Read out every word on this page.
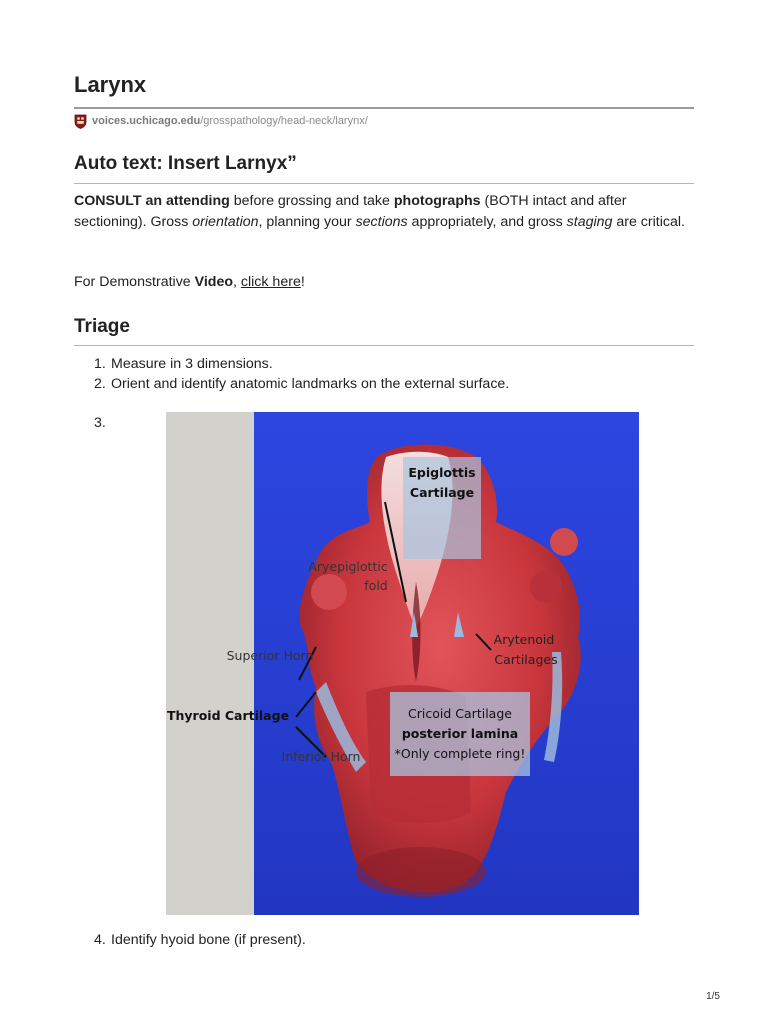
Larynx
voices.uchicago.edu /grosspathology/head-neck/larynx/
Auto text: Insert Larnyx”

CONSULT an attending before grossing and take photographs (BOTH intact and after sectioning). Gross orientation, planning your sections appropriately, and gross staging are critical.

For Demonstrative Video, click here!

Triage
1. Measure in 3 dimensions.
2. Orient and identify anatomic landmarks on the external surface.
3.
4. Identify hyoid bone (if present).
Epiglottis
Cartilage
Aryepiglottic
fold
Arytenoid
Cartilages
Superior Horn
Thyroid Cartilage
Inferior Horn
Cricoid Cartilage
posterior lamina
*Only complete ring!
1/5
